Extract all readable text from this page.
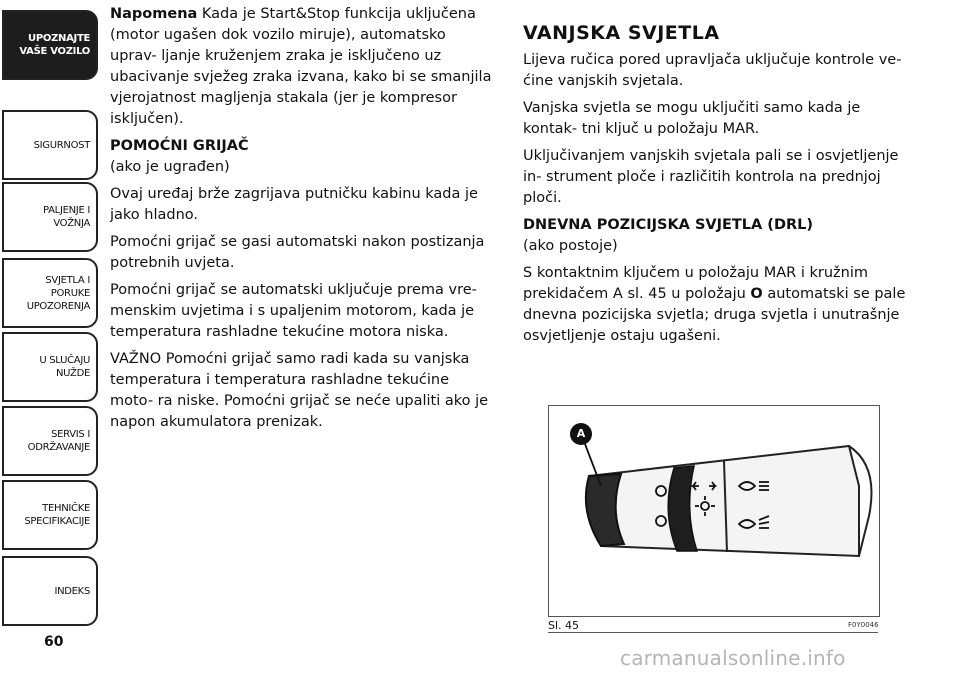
UPOZNAJTE
VAŠE VOZILO
SIGURNOST
PALJENJE I
VOŽNJA
SVJETLA I PORUKE
UPOZORENJA
U SLUČAJU
NUŽDE
SERVIS I
ODRŽAVANJE
TEHNIČKE
SPECIFIKACIJE
INDEKS
60

Napomena Kada je Start&Stop funkcija uključena (motor ugašen dok vozilo miruje), automatsko uprav- ljanje kruženjem zraka je isključeno uz ubacivanje svježeg zraka izvana, kako bi se smanjila vjerojatnost magljenja stakala (jer je kompresor isključen).

POMOĆNI GRIJAČ

(ako je ugrađen)

Ovaj uređaj brže zagrijava putničku kabinu kada je jako hladno.

Pomoćni grijač se gasi automatski nakon postizanja potrebnih uvjeta.

Pomoćni grijač se automatski uključuje prema vre- menskim uvjetima i s upaljenim motorom, kada je temperatura rashladne tekućine motora niska.

VAŽNO Pomoćni grijač samo radi kada su vanjska temperatura i temperatura rashladne tekućine moto- ra niske. Pomoćni grijač se neće upaliti ako je napon akumulatora prenizak.

VANJSKA SVJETLA

Lijeva ručica pored upravljača uključuje kontrole ve- ćine vanjskih svjetala.

Vanjska svjetla se mogu uključiti samo kada je kontak- tni ključ u položaju MAR.

Uključivanjem vanjskih svjetala pali se i osvjetljenje in- strument ploče i različitih kontrola na prednjoj ploči.

DNEVNA POZICIJSKA SVJETLA (DRL)

(ako postoje)

S kontaktnim ključem u položaju MAR i kružnim prekidačem A sl. 45 u položaju O automatski se pale dnevna pozicijska svjetla; druga svjetla i unutrašnje osvjetljenje ostaju ugašeni.

A
Sl. 45	F0Y0046
carmanualsonline.info
